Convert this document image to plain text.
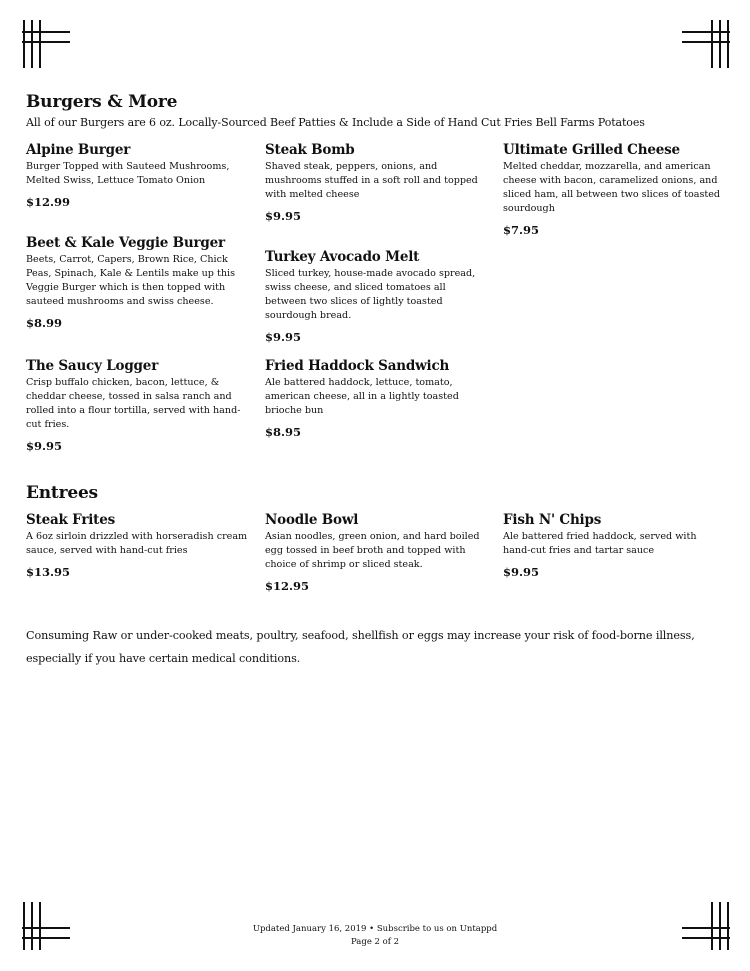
Burgers & More
All of our Burgers are 6 oz. Locally-Sourced Beef Patties & Include a Side of Hand Cut Fries Bell Farms Potatoes
Alpine Burger
Burger Topped with Sauteed Mushrooms, Melted Swiss, Lettuce Tomato Onion
$12.99
Steak Bomb
Shaved steak, peppers, onions, and mushrooms stuffed in a soft roll and topped with melted cheese
$9.95
Ultimate Grilled Cheese
Melted cheddar, mozzarella, and american cheese with bacon, caramelized onions, and sliced ham, all between two slices of toasted sourdough
$7.95
Beet & Kale Veggie Burger
Beets, Carrot, Capers, Brown Rice, Chick Peas, Spinach, Kale & Lentils make up this Veggie Burger which is then topped with sauteed mushrooms and swiss cheese.
$8.99
Turkey Avocado Melt
Sliced turkey, house-made avocado spread, swiss cheese, and sliced tomatoes all between two slices of lightly toasted sourdough bread.
$9.95
The Saucy Logger
Crisp buffalo chicken, bacon, lettuce, & cheddar cheese, tossed in salsa ranch and rolled into a flour tortilla, served with hand-cut fries.
$9.95
Fried Haddock Sandwich
Ale battered haddock, lettuce, tomato, american cheese, all in a lightly toasted brioche bun
$8.95
Entrees
Steak Frites
A 6oz sirloin drizzled with horseradish cream sauce, served with hand-cut fries
$13.95
Noodle Bowl
Asian noodles, green onion, and hard boiled egg tossed in beef broth and topped with choice of shrimp or sliced steak.
$12.95
Fish N' Chips
Ale battered fried haddock, served with hand-cut fries and tartar sauce
$9.95
Consuming Raw or under-cooked meats, poultry, seafood, shellfish or eggs may increase your risk of food-borne illness, especially if you have certain medical conditions.
Updated January 16, 2019 • Subscribe to us on Untappd
Page 2 of 2
